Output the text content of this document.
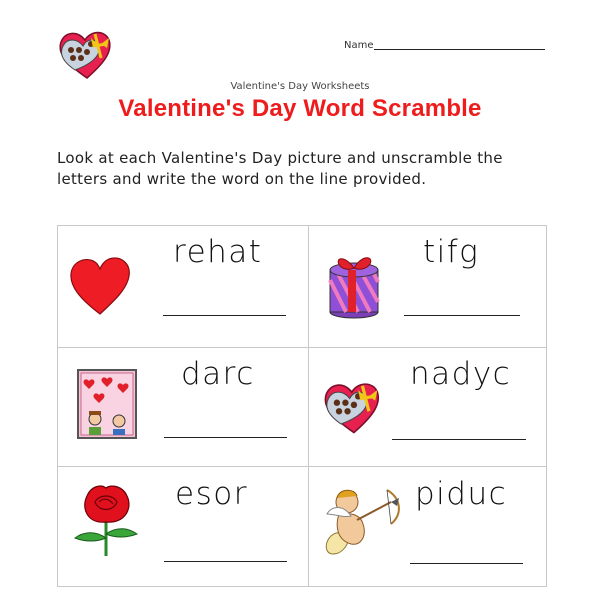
Name
Valentine's Day Worksheets
Valentine's Day Word Scramble
Look at each Valentine's Day picture and unscramble the letters and write the word on the line provided.
rehat	tifg
darc	nadyc
esor	piduc
